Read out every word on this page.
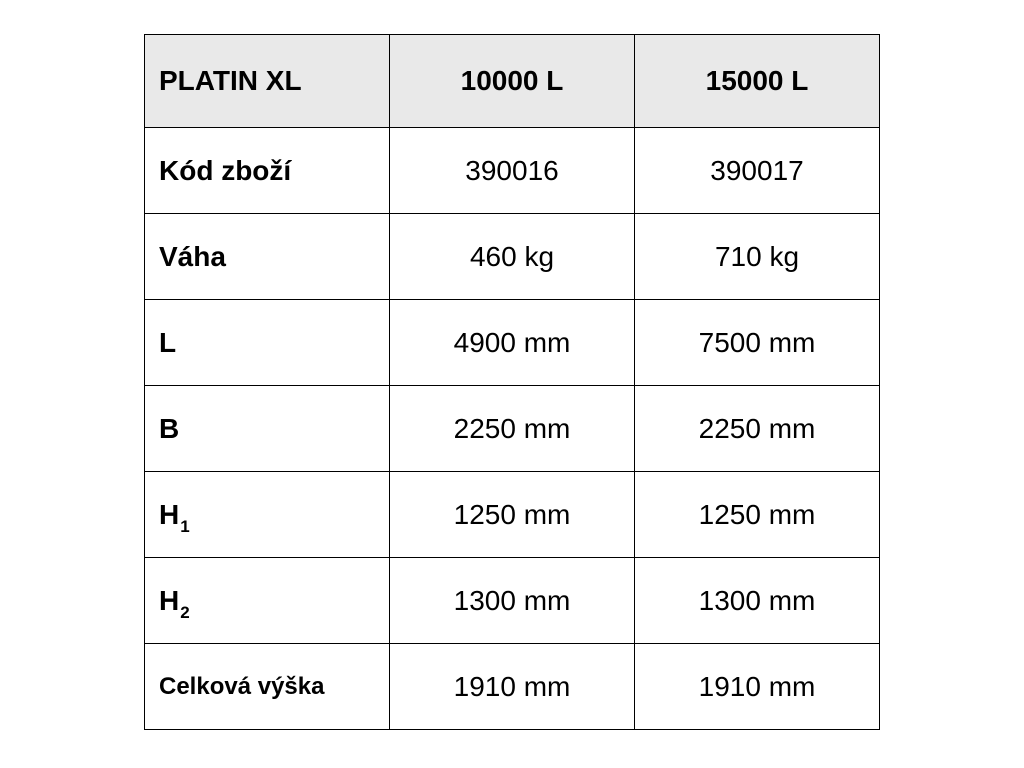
PLATIN XL	10000 L	15000 L
Kód zboží	390016	390017
Váha	460 kg	710 kg
L	4900 mm	7500 mm
B	2250 mm	2250 mm
$H_1$	1250 mm	1250 mm
$H_2$	1300 mm	1300 mm
Celková výška	1910 mm	1910 mm
